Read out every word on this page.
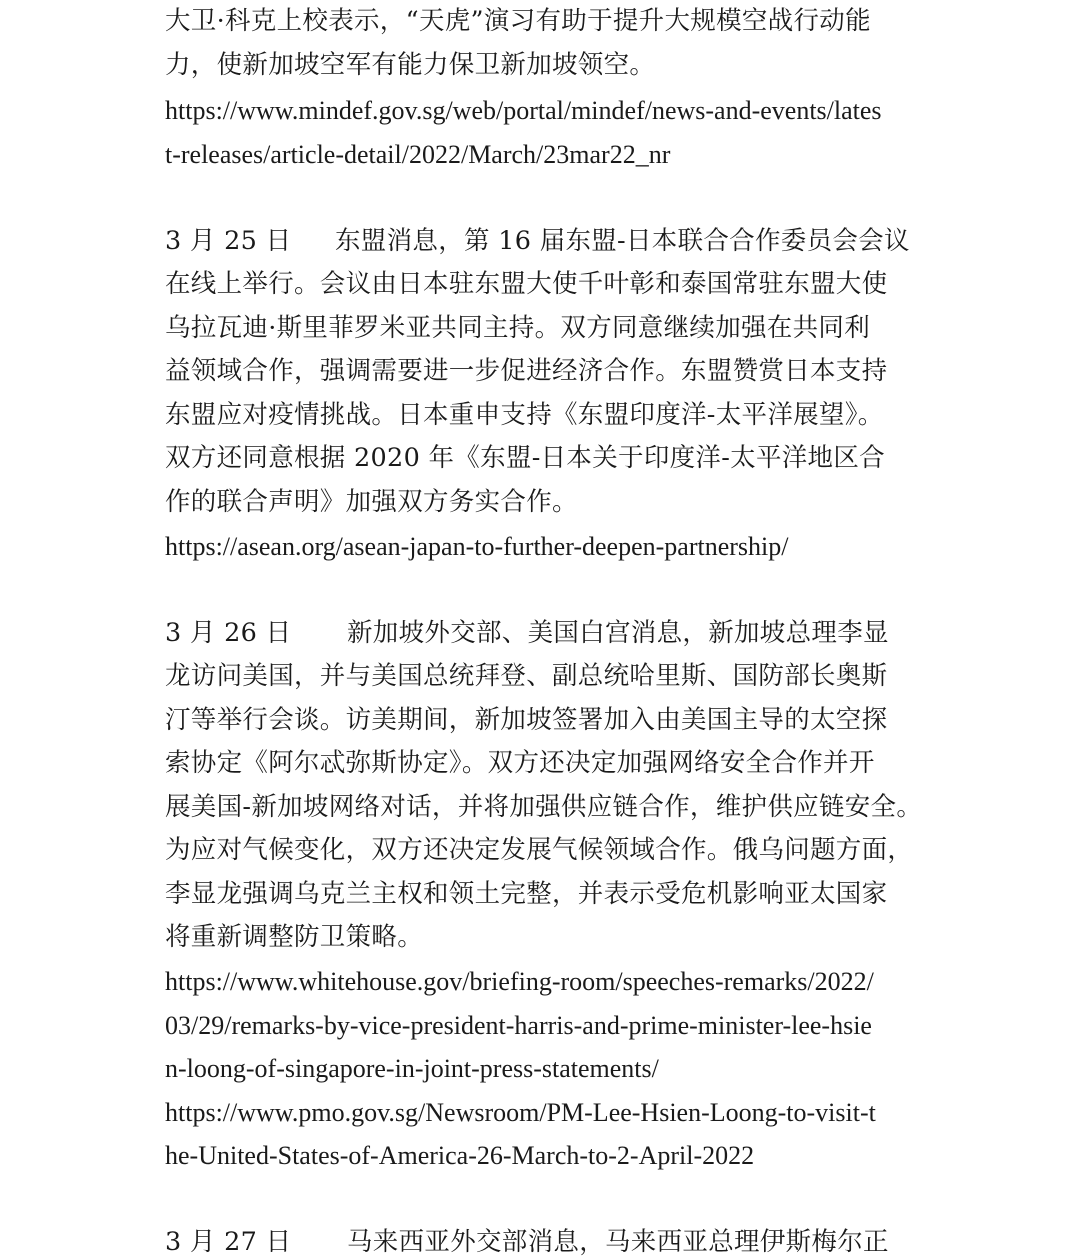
大卫·科克上校表示，“天虎”演习有助于提升大规模空战行动能
力，使新加坡空军有能力保卫新加坡领空。
https://www.mindef.gov.sg/web/portal/mindef/news-and-events/lates
t-releases/article-detail/2022/March/23mar22_nr
3 月 25 日 东盟消息，第 16 届东盟-日本联合合作委员会会议
在线上举行。会议由日本驻东盟大使千叶彰和泰国常驻东盟大使
乌拉瓦迪·斯里菲罗米亚共同主持。双方同意继续加强在共同利
益领域合作，强调需要进一步促进经济合作。东盟赞赏日本支持
东盟应对疫情挑战。日本重申支持《东盟印度洋-太平洋展望》。
双方还同意根据 2020 年《东盟-日本关于印度洋-太平洋地区合
作的联合声明》加强双方务实合作。
https://asean.org/asean-japan-to-further-deepen-partnership/
3 月 26 日 新加坡外交部、美国白宫消息，新加坡总理李显
龙访问美国，并与美国总统拜登、副总统哈里斯、国防部长奥斯
汀等举行会谈。访美期间，新加坡签署加入由美国主导的太空探
索协定《阿尔忒弥斯协定》。双方还决定加强网络安全合作并开
展美国-新加坡网络对话，并将加强供应链合作，维护供应链安全。
为应对气候变化，双方还决定发展气候领域合作。俄乌问题方面，
李显龙强调乌克兰主权和领土完整，并表示受危机影响亚太国家
将重新调整防卫策略。
https://www.whitehouse.gov/briefing-room/speeches-remarks/2022/
03/29/remarks-by-vice-president-harris-and-prime-minister-lee-hsie
n-loong-of-singapore-in-joint-press-statements/
https://www.pmo.gov.sg/Newsroom/PM-Lee-Hsien-Loong-to-visit-t
he-United-States-of-America-26-March-to-2-April-2022
3 月 27 日 马来西亚外交部消息，马来西亚总理伊斯梅尔正
